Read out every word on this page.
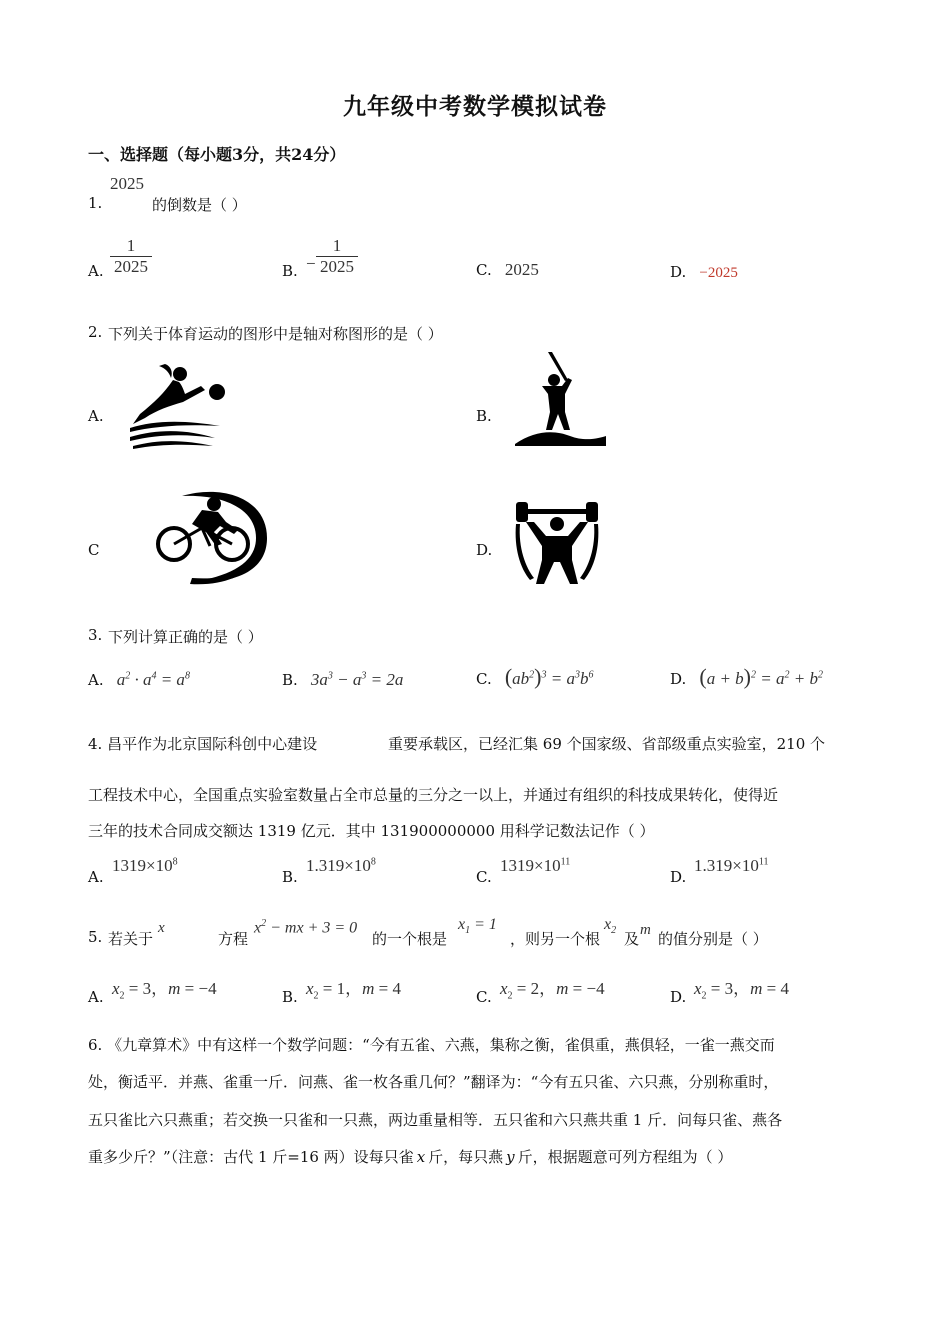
九年级中考数学模拟试卷
一、选择题（每小题3分，共24分）
2025
1.	的倒数是（ ）
A. $\frac{1}{2025}$	B. − $\frac{1}{2025}$	C. 2025	D. −2025
2. 下列关于体育运动的图形中是轴对称图形的是（ ）
A.	B.
C	D.
3. 下列计算正确的是（ ）
A. $a^2 \cdot a^4 = a^8$	B. $3a^3 - a^3 = 2a$	C. $(ab^2)^3 = a^3b^6$	D. $(a + b)^2 = a^2 + b^2$
4. 昌平作为北京国际科创中心建设	重要承载区，已经汇集 69 个国家级、省部级重点实验室，210 个
工程技术中心，全国重点实验室数量占全市总量的三分之一以上，并通过有组织的科技成果转化，使得近
三年的技术合同成交额达 1319 亿元．其中 131900000000 用科学记数法记作（ ）
A.
$1319\times 10^8$
B.
$1.319\times 10^8$
C.
$1319\times 10^{11}$
D.
$1.319\times 10^{11}$
5. 若关于
x
方程
$x^2$ − mx + 3 = 0
的一个根是
$x_1 = 1$
，则另一个根
$x_2$ 及 m 的值分别是（ ）
A. $x_2 = 3$，m = −4	B. $x_2 = 1$，m = 4	C. $x_2 = 2$，m = −4	D. $x_2 = 3$，m = 4
6. 《九章算术》中有这样一个数学问题：“今有五雀、六燕，集称之衡，雀俱重，燕俱轻，一雀一燕交而
处，衡适平．并燕、雀重一斤．问燕、雀一枚各重几何？”翻译为：“今有五只雀、六只燕，分别称重时，
五只雀比六只燕重；若交换一只雀和一只燕，两边重量相等．五只雀和六只燕共重 1 斤．问每只雀、燕各
重多少斤？”（注意：古代 1 斤=16 两）设每只雀 x 斤，每只燕 y 斤，根据题意可列方程组为（ ）
